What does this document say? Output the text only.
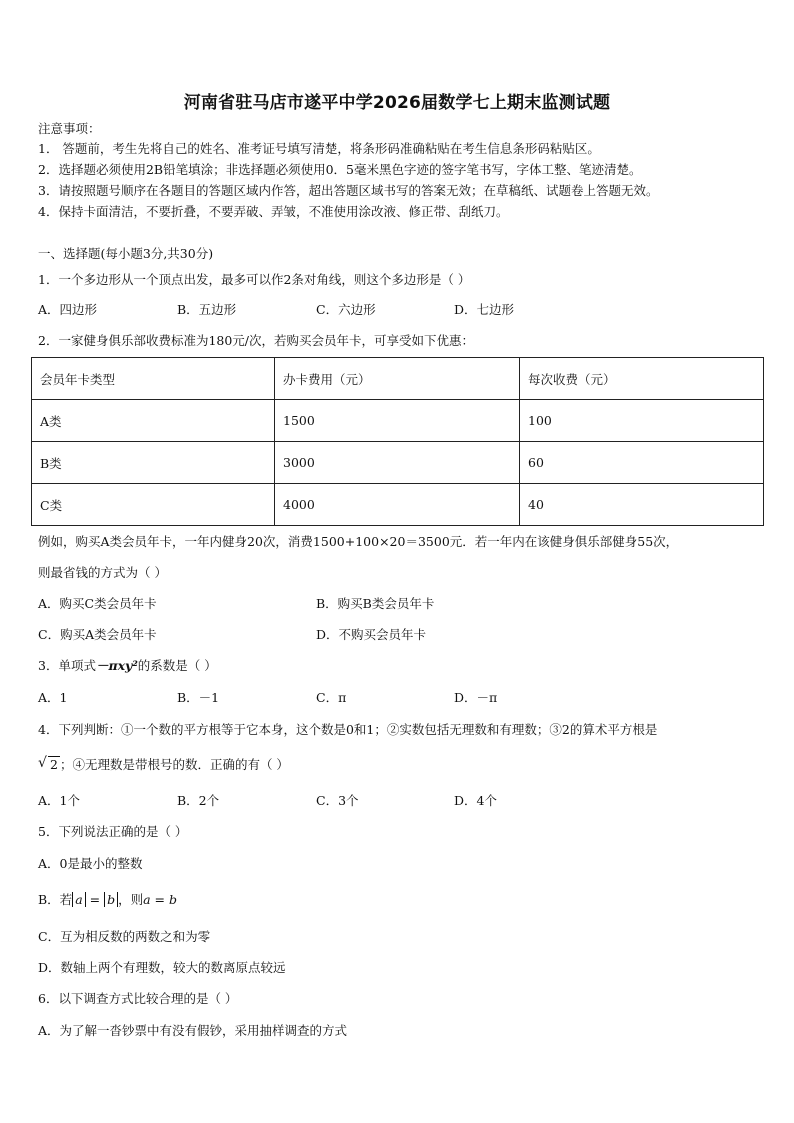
河南省驻马店市遂平中学2026届数学七上期末监测试题
注意事项：
1． 答题前，考生先将自己的姓名、准考证号填写清楚，将条形码准确粘贴在考生信息条形码粘贴区。
2．选择题必须使用2B铅笔填涂；非选择题必须使用0．5毫米黑色字迹的签字笔书写，字体工整、笔迹清楚。
3．请按照题号顺序在各题目的答题区域内作答，超出答题区域书写的答案无效；在草稿纸、试题卷上答题无效。
4．保持卡面清洁，不要折叠，不要弄破、弄皱，不准使用涂改液、修正带、刮纸刀。
一、选择题(每小题3分,共30分)
1．一个多边形从一个顶点出发，最多可以作2条对角线，则这个多边形是（ ）
A．四边形	B．五边形	C．六边形	D．七边形
2．一家健身俱乐部收费标准为180元/次，若购买会员年卡，可享受如下优惠：
会员年卡类型	办卡费用（元）	每次收费（元）
A类	1500	100
B类	3000	60
C类	4000	40
例如，购买A类会员年卡，一年内健身20次，消费1500+100×20＝3500元．若一年内在该健身俱乐部健身55次，
则最省钱的方式为（ ）
A．购买C类会员年卡	B．购买B类会员年卡
C．购买A类会员年卡	D．不购买会员年卡
3．单项式－πxy²的系数是（ ）
A．1	B．－1	C．π	D．－π
4．下列判断：①一个数的平方根等于它本身，这个数是0和1；②实数包括无理数和有理数；③2的算术平方根是
√ 2 ；④无理数是带根号的数．正确的有（ ）
A．1个	B．2个	C．3个	D．4个
5．下列说法正确的是（ ）
A．0是最小的整数
B．若 a = b ，则a = b
C．互为相反数的两数之和为零
D．数轴上两个有理数，较大的数离原点较远
6．以下调查方式比较合理的是（ ）
A．为了解一沓钞票中有没有假钞，采用抽样调查的方式
